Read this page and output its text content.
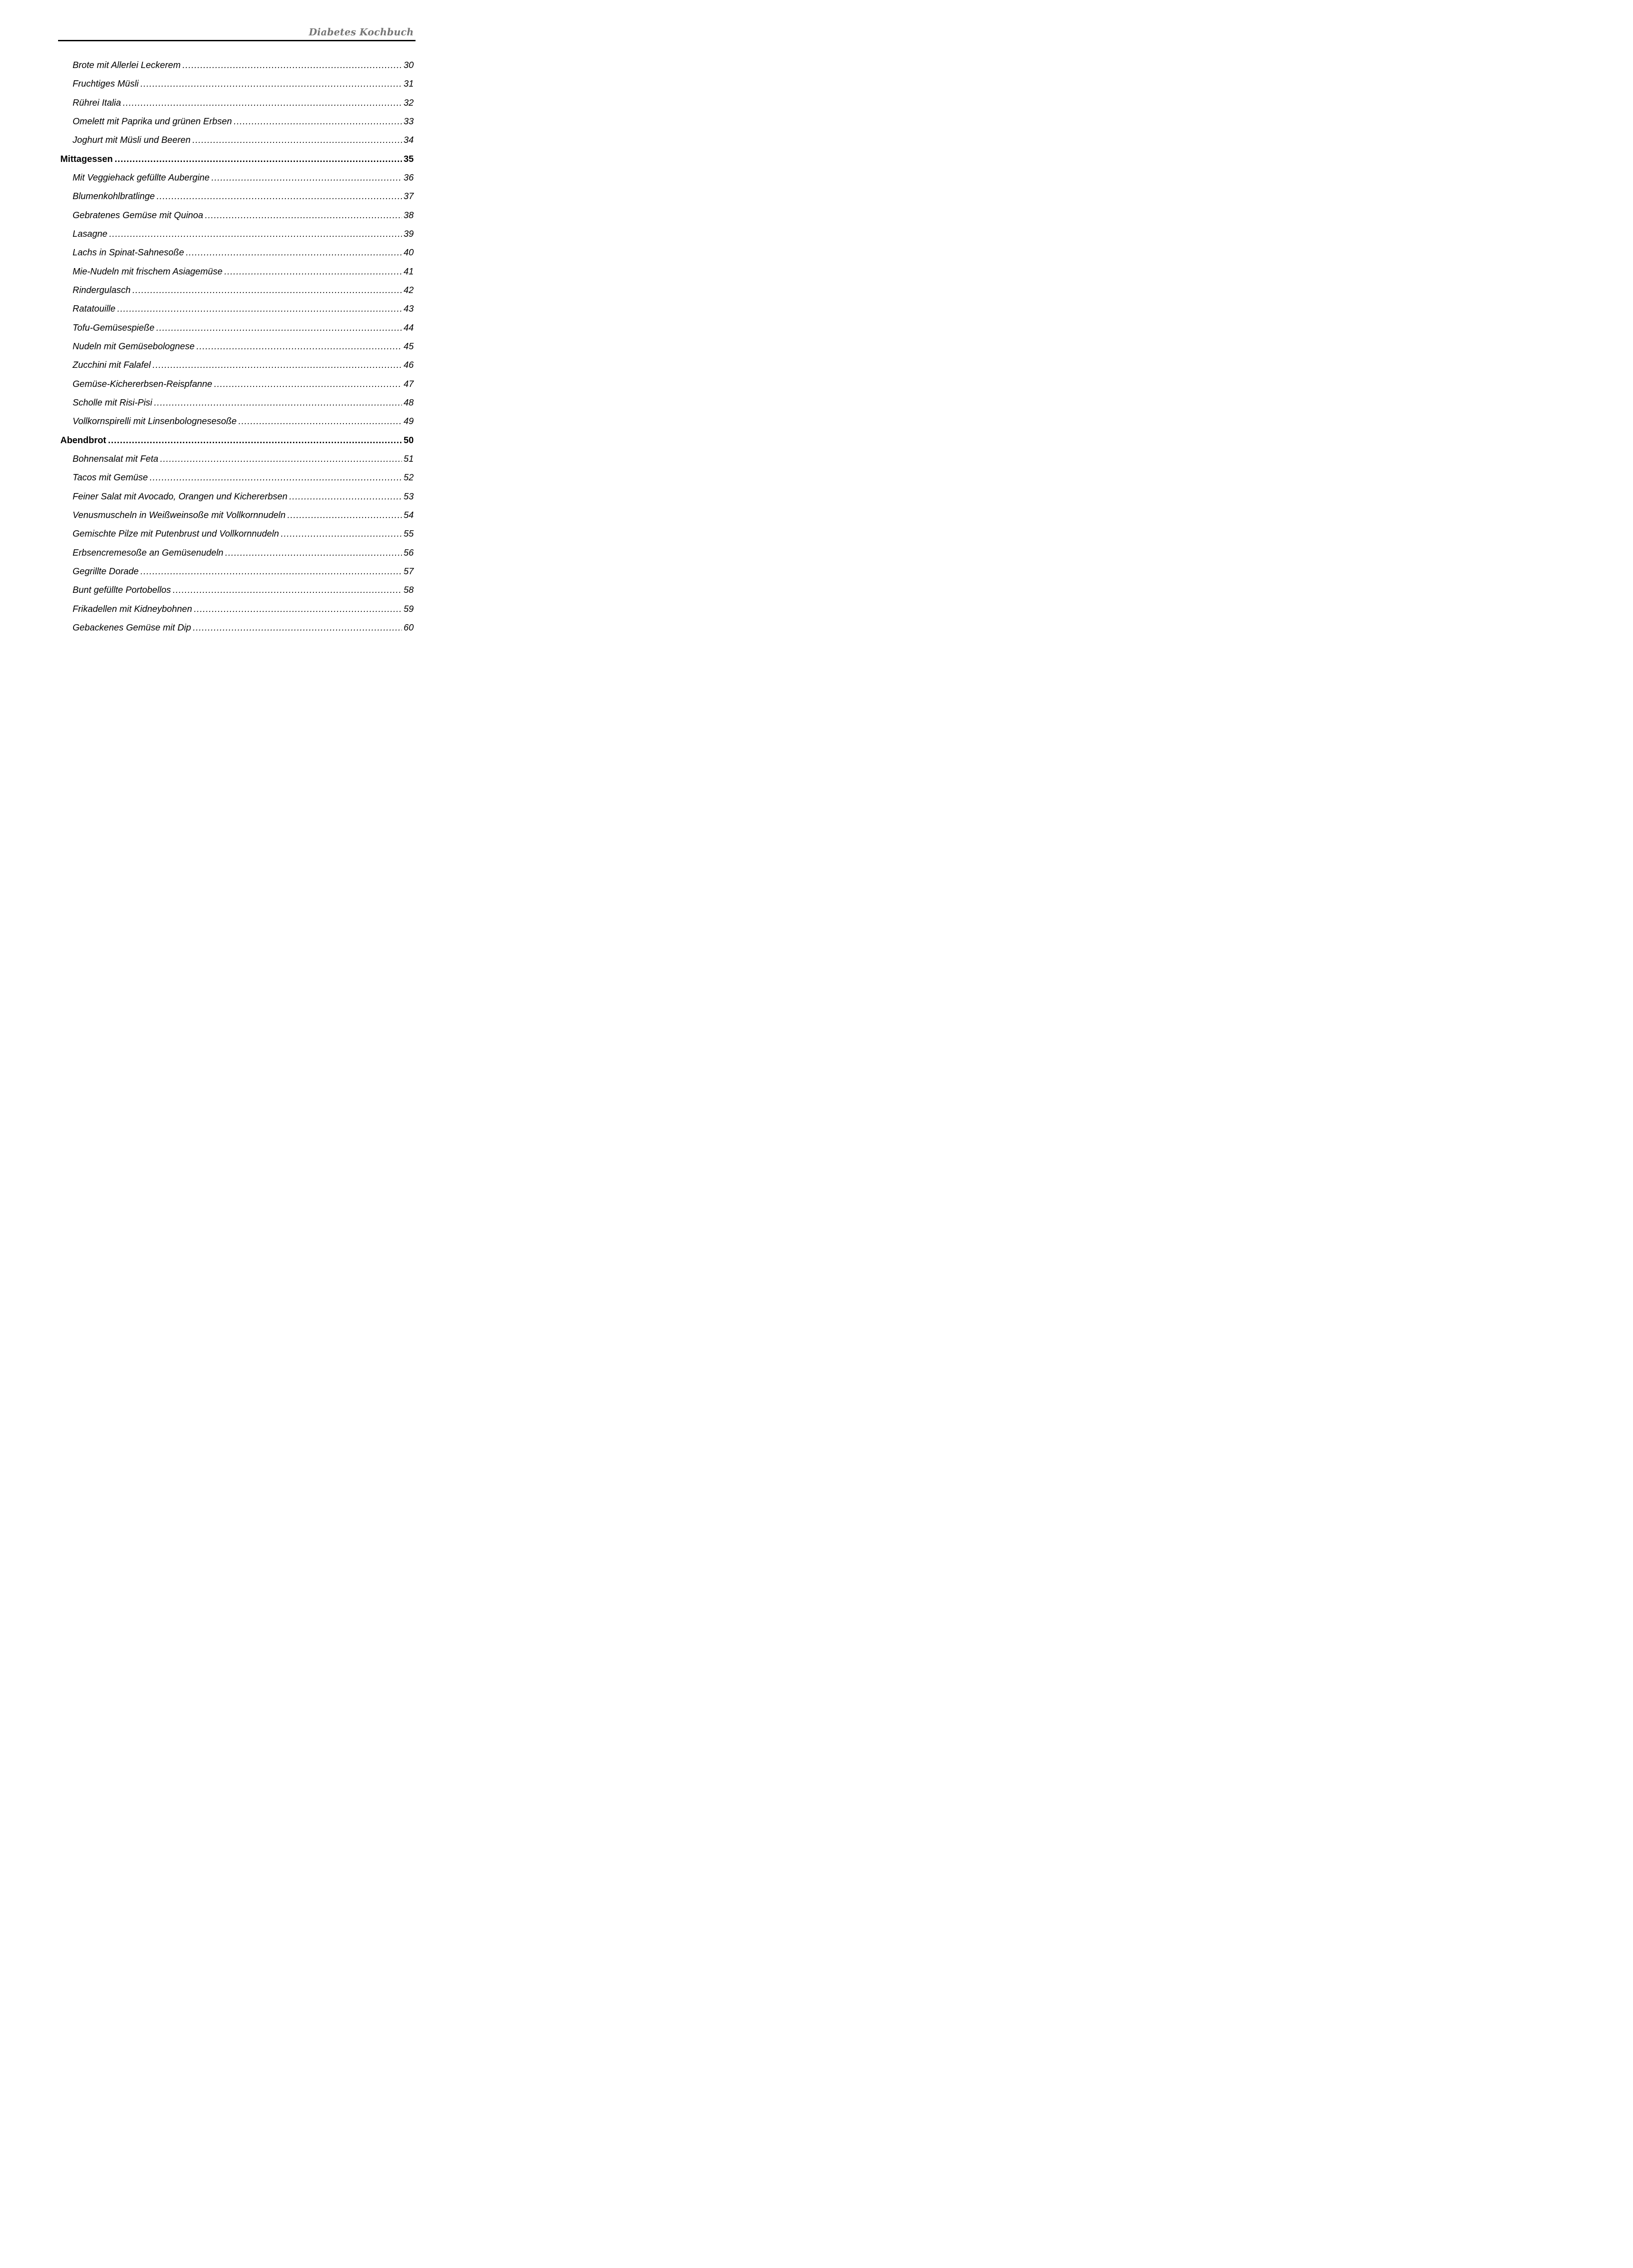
Diabetes Kochbuch
Brote mit Allerlei Leckerem .....	30
Fruchtiges Müsli .....	31
Rührei Italia .....	32
Omelett mit Paprika und grünen Erbsen .....	33
Joghurt mit Müsli und Beeren .....	34
Mittagessen .....	35
Mit Veggiehack gefüllte Aubergine .....	36
Blumenkohlbratlinge .....	37
Gebratenes Gemüse mit Quinoa .....	38
Lasagne .....	39
Lachs in Spinat-Sahnesoße .....	40
Mie-Nudeln mit frischem Asiagemüse .....	41
Rindergulasch .....	42
Ratatouille .....	43
Tofu-Gemüsespieße .....	44
Nudeln mit Gemüsebolognese .....	45
Zucchini mit Falafel .....	46
Gemüse-Kichererbsen-Reispfanne .....	47
Scholle mit Risi-Pisi .....	48
Vollkornspirelli mit Linsenbolognesesoße .....	49
Abendbrot .....	50
Bohnensalat mit Feta .....	51
Tacos mit Gemüse .....	52
Feiner Salat mit Avocado, Orangen und Kichererbsen .....	53
Venusmuscheln in Weißweinsoße mit Vollkornnudeln .....	54
Gemischte Pilze mit Putenbrust und Vollkornnudeln .....	55
Erbsencremesoße an Gemüsenudeln .....	56
Gegrillte Dorade .....	57
Bunt gefüllte Portobellos .....	58
Frikadellen mit Kidneybohnen .....	59
Gebackenes Gemüse mit Dip .....	60
